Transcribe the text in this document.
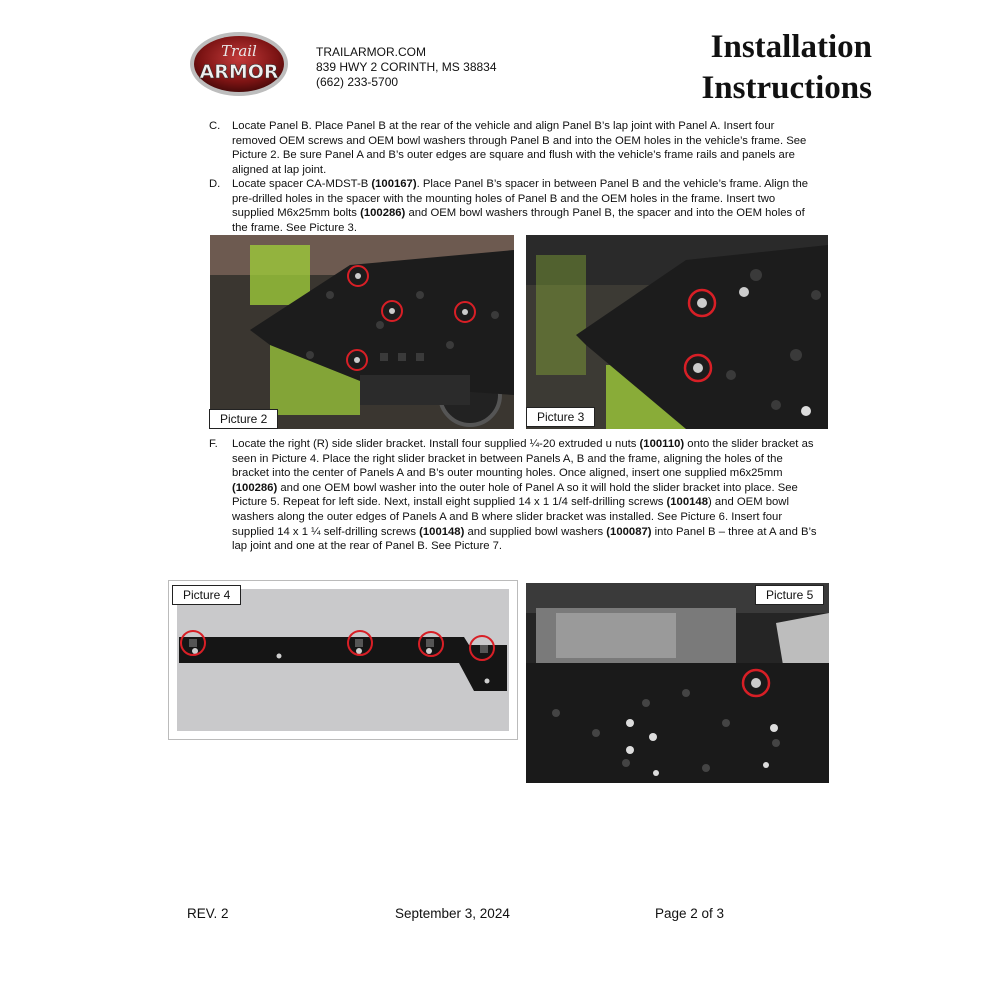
Trail
ARMOR
TRAILARMOR.COM
839 HWY 2 CORINTH, MS 38834
(662) 233-5700
Installation
Instructions
C. Locate Panel B. Place Panel B at the rear of the vehicle and align Panel B’s lap joint with Panel A. Insert four removed OEM screws and OEM bowl washers through Panel B and into the OEM holes in the vehicle’s frame. See Picture 2. Be sure Panel A and B’s outer edges are square and flush with the vehicle’s frame rails and panels are aligned at lap joint.
D. Locate spacer CA-MDST-B (100167). Place Panel B’s spacer in between Panel B and the vehicle’s frame. Align the pre-drilled holes in the spacer with the mounting holes of Panel B and the OEM holes in the frame. Insert two supplied M6x25mm bolts (100286) and OEM bowl washers through Panel B, the spacer and into the OEM holes of the frame. See Picture 3.
Picture 2	Picture 3
F. Locate the right (R) side slider bracket. Install four supplied ¼-20 extruded u nuts (100110) onto the slider bracket as seen in Picture 4. Place the right slider bracket in between Panels A, B and the frame, aligning the holes of the bracket into the center of Panels A and B’s outer mounting holes. Once aligned, insert one supplied m6x25mm (100286) and one OEM bowl washer into the outer hole of Panel A so it will hold the slider bracket into place. See Picture 5. Repeat for left side. Next, install eight supplied 14 x 1 1/4 self-drilling screws (100148) and OEM bowl washers along the outer edges of Panels A and B where slider bracket was installed. See Picture 6. Insert four supplied 14 x 1 ¼ self-drilling screws (100148) and supplied bowl washers (100087) into Panel B – three at A and B’s lap joint and one at the rear of Panel B. See Picture 7.
Picture 4	Picture 5
REV. 2	September 3, 2024	Page 2 of 3
